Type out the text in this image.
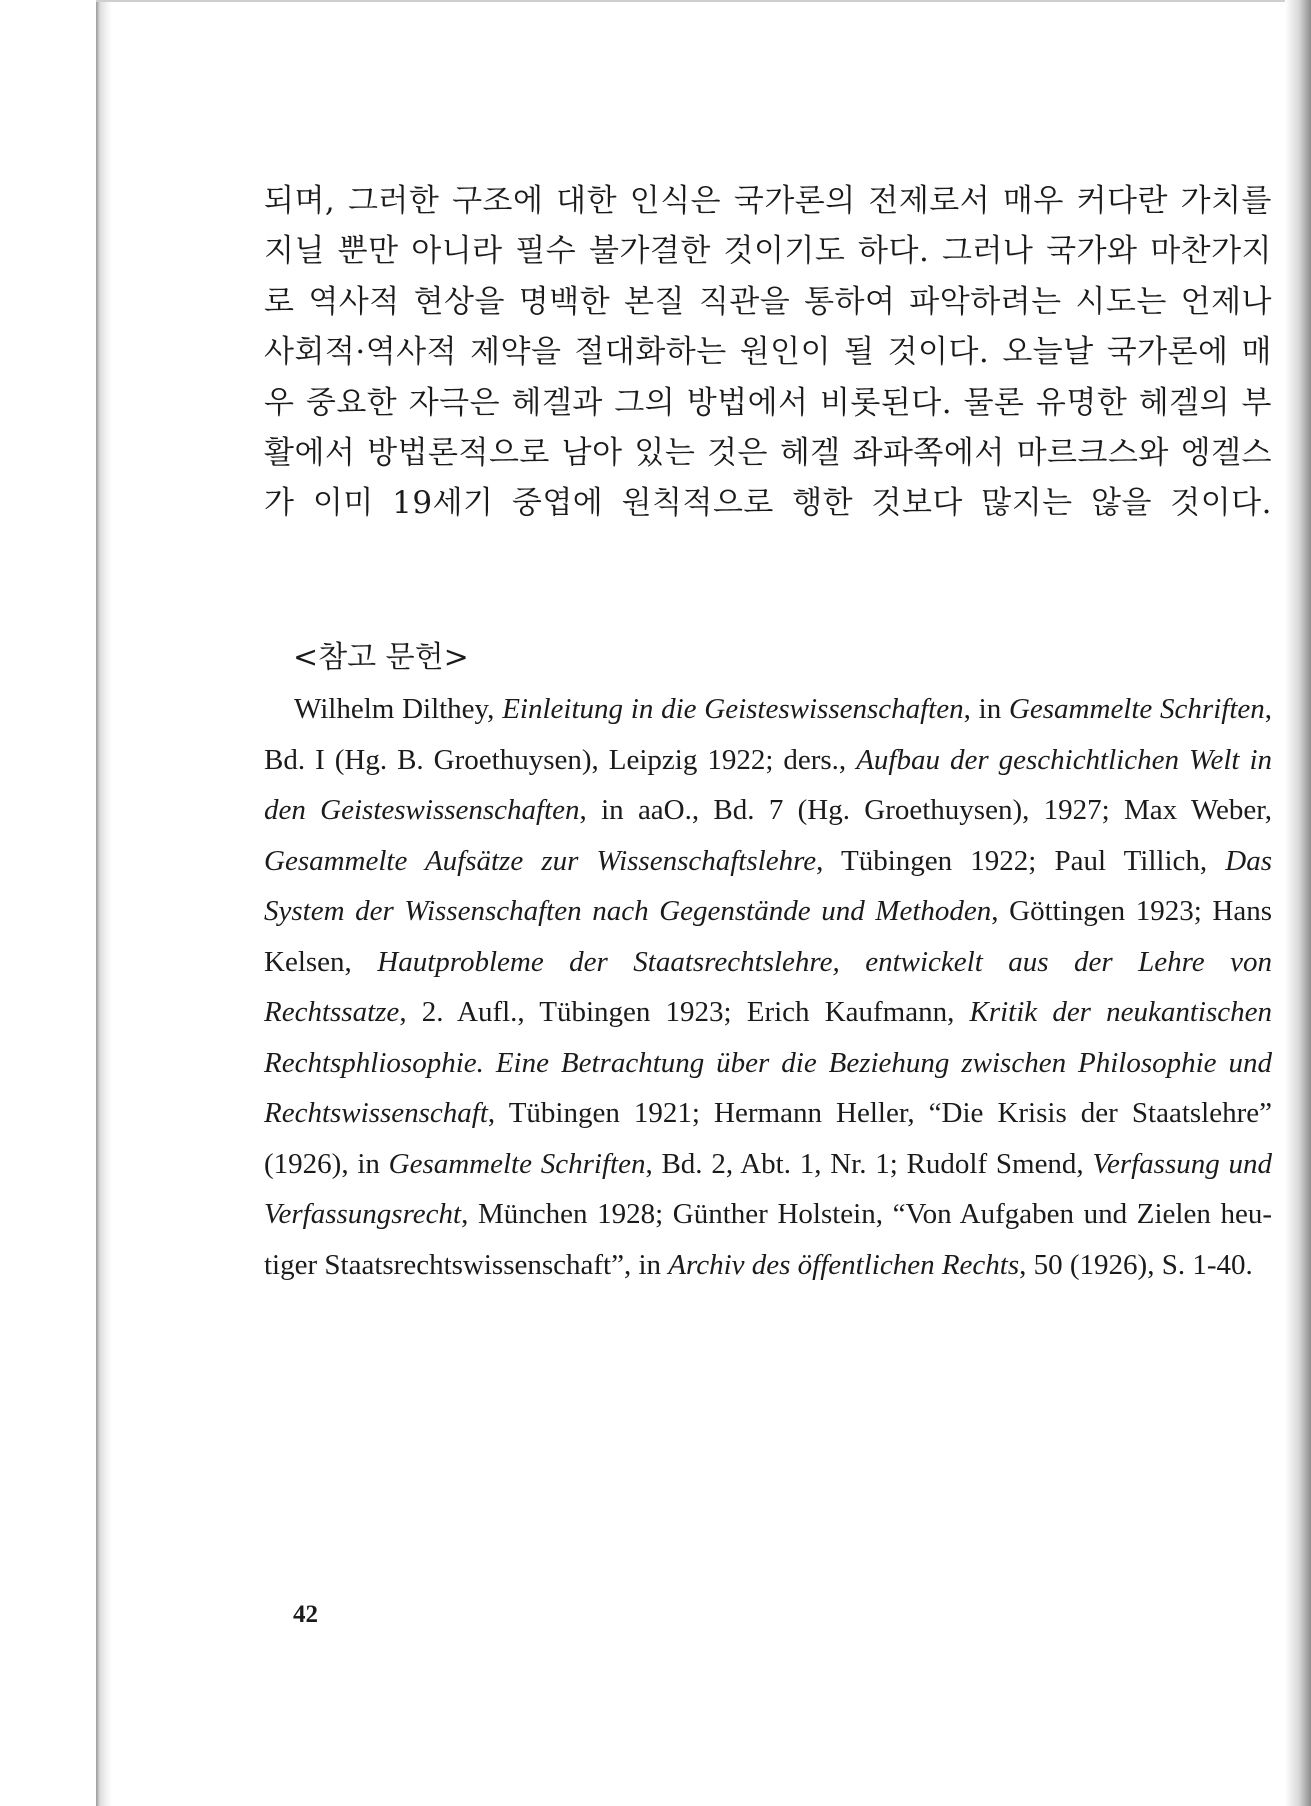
되며, 그러한 구조에 대한 인식은 국가론의 전제로서 매우 커다란 가치를 지닐 뿐만 아니라 필수 불가결한 것이기도 하다. 그러나 국가와 마찬가지로 역사적 현상을 명백한 본질 직관을 통하여 파악하려는 시도는 언제나 사회적·역사적 제약을 절대화하는 원인이 될 것이다. 오늘날 국가론에 매우 중요한 자극은 헤겔과 그의 방법에서 비롯된다. 물론 유명한 헤겔의 부활에서 방법론적으로 남아 있는 것은 헤겔 좌파쪽에서 마르크스와 엥겔스가 이미 19세기 중엽에 원칙적으로 행한 것보다 많지는 않을 것이다.

<참고 문헌>

Wilhelm Dilthey, Einleitung in die Geisteswissenschaften, in Gesammelte Schriften, Bd. I (Hg. B. Groethuysen), Leipzig 1922; ders., Aufbau der geschichtlichen Welt in den Geisteswissenschaften, in aaO., Bd. 7 (Hg. Groethuysen), 1927; Max Weber, Gesammelte Aufsätze zur Wissenschaftslehre, Tübingen 1922; Paul Tillich, Das System der Wissenschaften nach Gegenstände und Methoden, Göttingen 1923; Hans Kelsen, Hautprobleme der Staatsrechtslehre, entwickelt aus der Lehre von Rechtssatze, 2. Aufl., Tübingen 1923; Erich Kaufmann, Kritik der neukantischen Rechtsphliosophie. Eine Betrachtung über die Beziehung zwischen Philosophie und Rechtswissenschaft, Tübingen 1921; Hermann Heller, “Die Krisis der Staatslehre” (1926), in Gesammelte Schriften, Bd. 2, Abt. 1, Nr. 1; Rudolf Smend, Verfassung und Verfassungsrecht, München 1928; Günther Holstein, “Von Aufgaben und Zielen heutiger Staatsrechtswissenschaft”, in Archiv des öffentlichen Rechts, 50 (1926), S. 1-40.

42
